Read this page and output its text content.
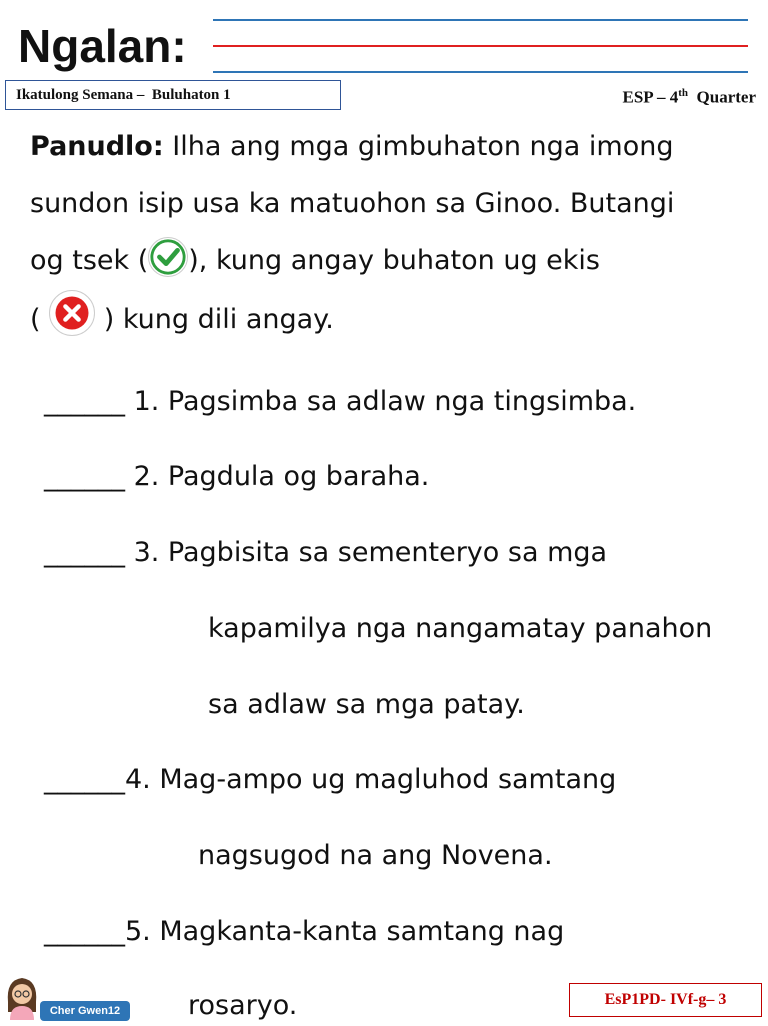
Ngalan:
Ikatulong Semana –  Buluhaton 1	ESP – 4th Quarter
Panudlo: Ilha ang mga gimbuhaton nga imong
sundon isip usa ka matuohon sa Ginoo. Butangi
og tsek ( ), kung angay buhaton ug ekis
( ) kung dili angay.
______ 1. Pagsimba sa adlaw nga tingsimba.
______ 2. Pagdula og baraha.
______ 3. Pagbisita sa sementeryo sa mga
kapamilya nga nangamatay panahon
sa adlaw sa mga patay.
______4. Mag-ampo ug magluhod samtang
nagsugod na ang Novena.
______5. Magkanta-kanta samtang nag
rosaryo.
Cher Gwen12
EsP1PD- IVf-g– 3
